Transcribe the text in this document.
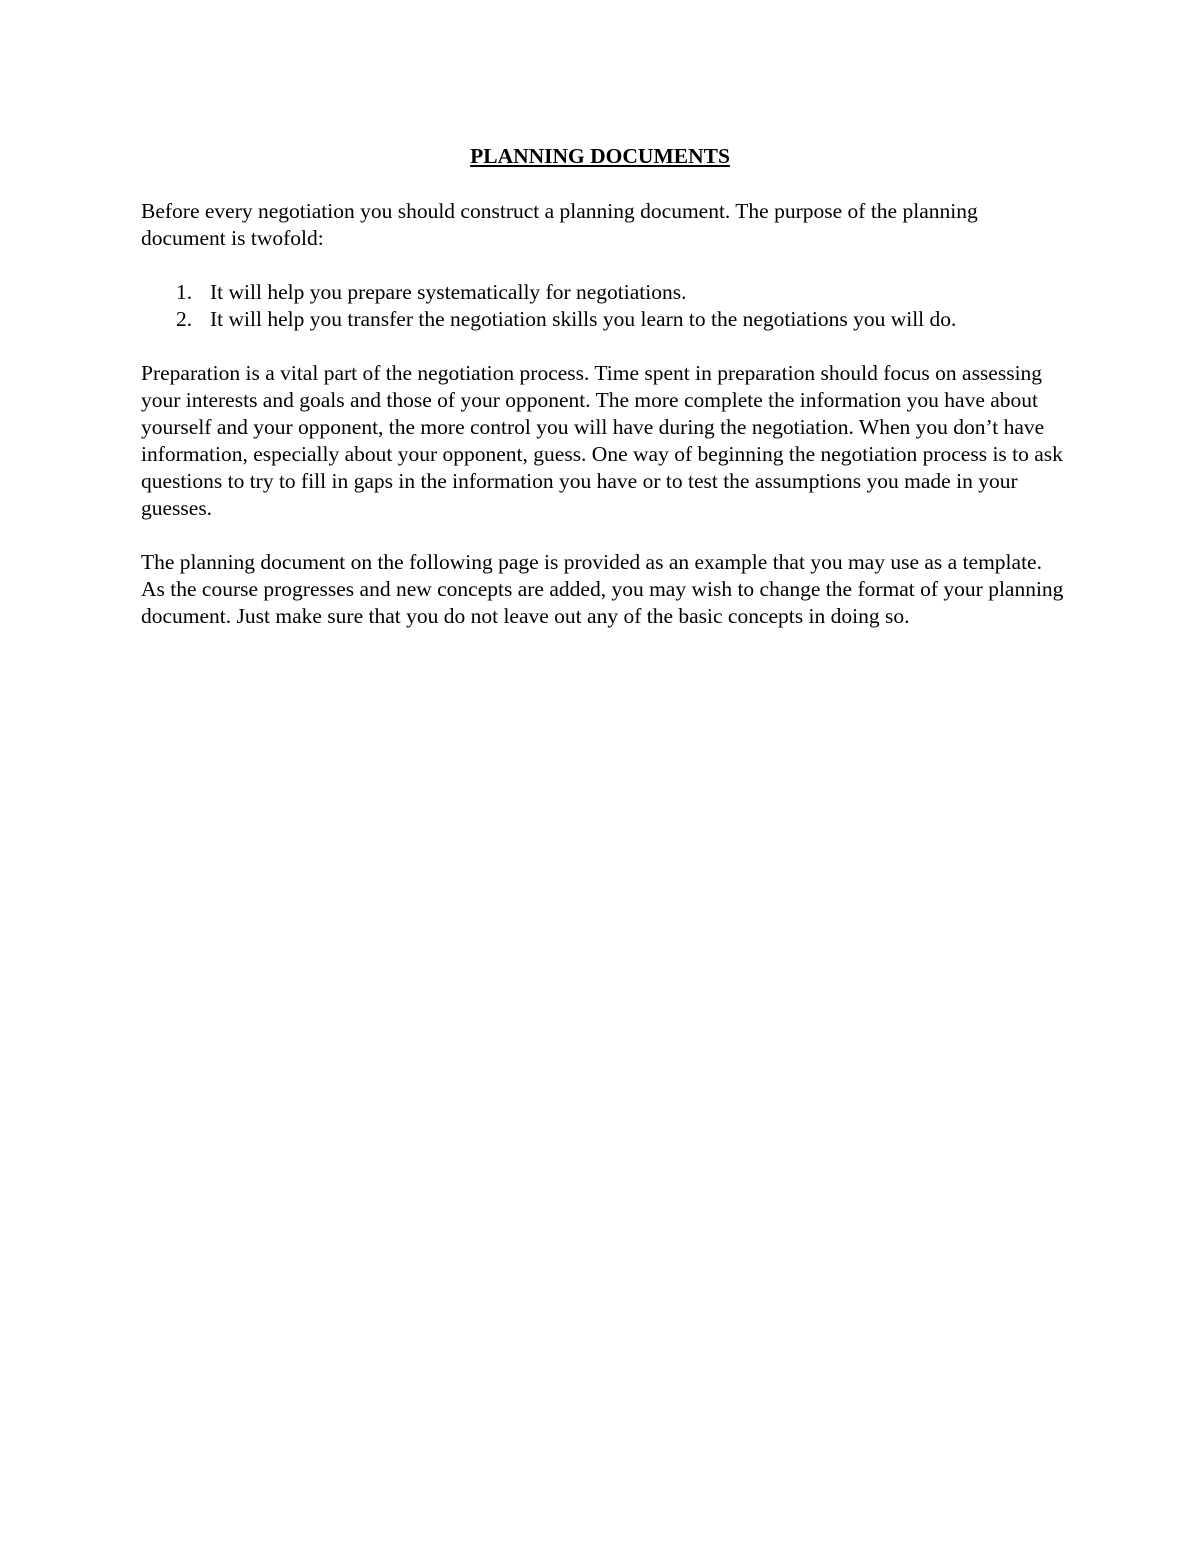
PLANNING DOCUMENTS

Before every negotiation you should construct a planning document. The purpose of the planning document is twofold:

1. It will help you prepare systematically for negotiations.
2. It will help you transfer the negotiation skills you learn to the negotiations you will do.

Preparation is a vital part of the negotiation process. Time spent in preparation should focus on assessing your interests and goals and those of your opponent. The more complete the information you have about yourself and your opponent, the more control you will have during the negotiation. When you don’t have information, especially about your opponent, guess. One way of beginning the negotiation process is to ask questions to try to fill in gaps in the information you have or to test the assumptions you made in your guesses.

The planning document on the following page is provided as an example that you may use as a template. As the course progresses and new concepts are added, you may wish to change the format of your planning document. Just make sure that you do not leave out any of the basic concepts in doing so.
